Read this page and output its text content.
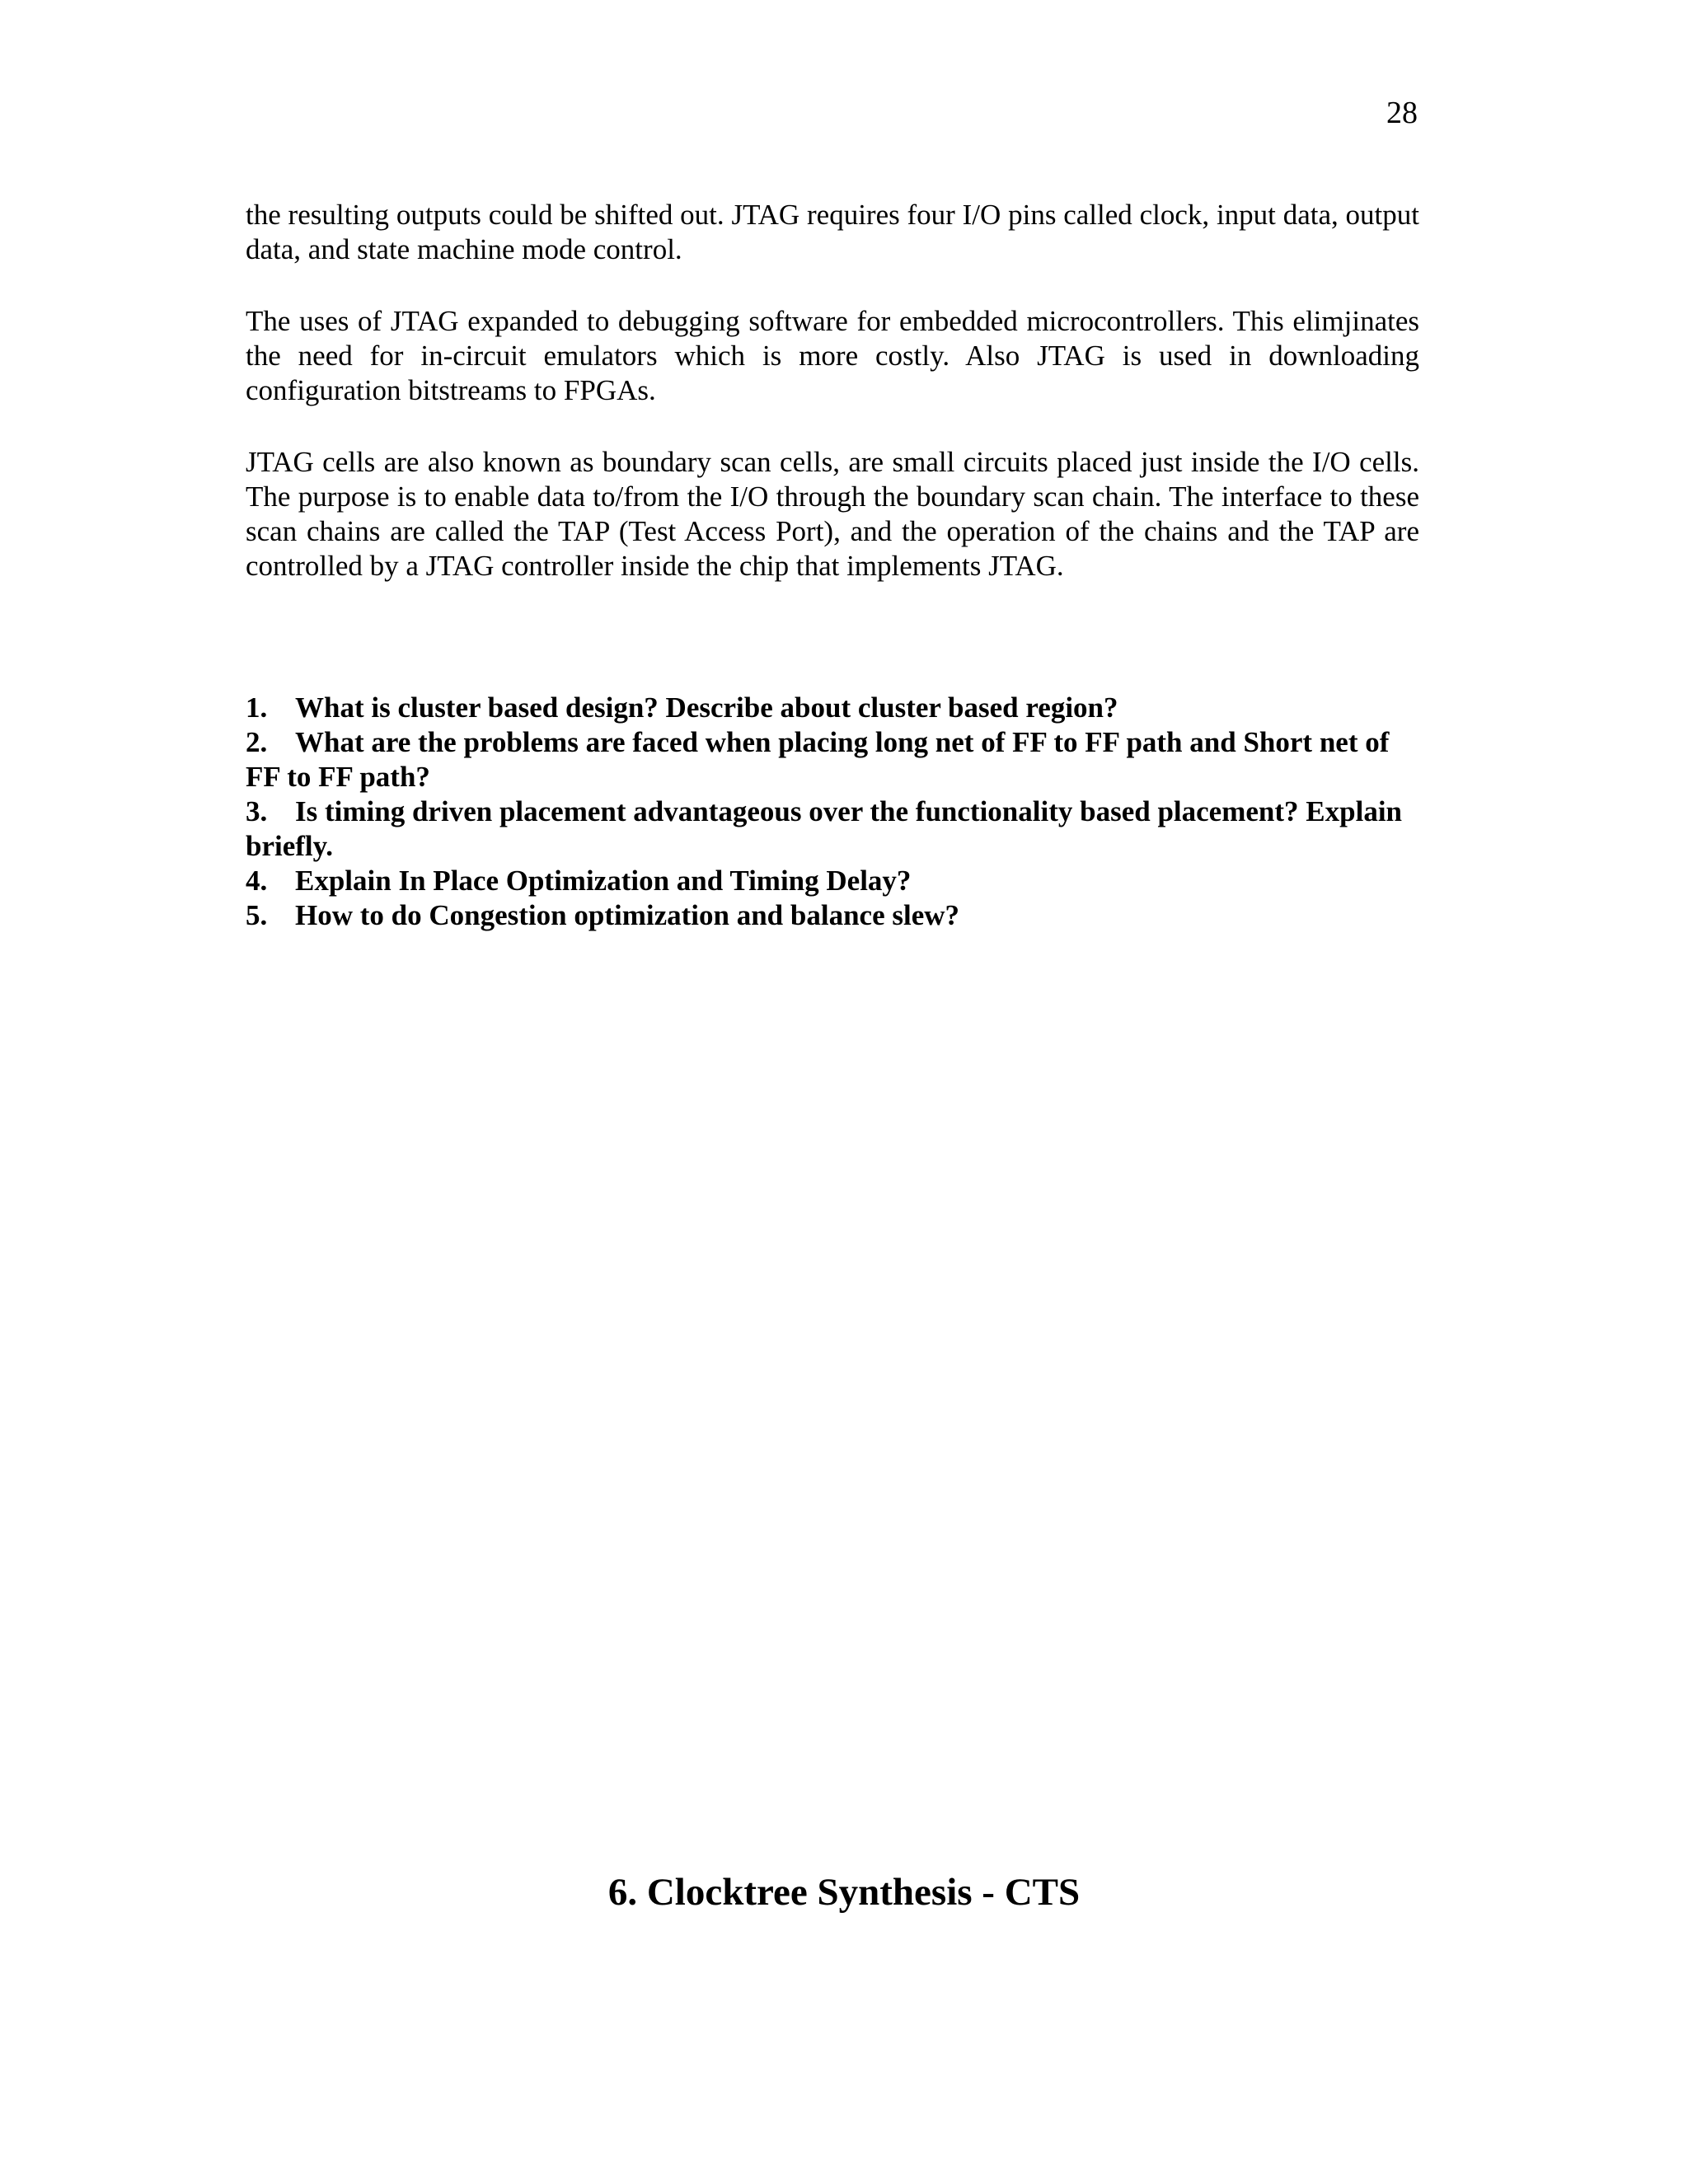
28

the resulting outputs could be shifted out. JTAG requires four I/O pins called clock, input data, output data, and state machine mode control.

The uses of JTAG expanded to debugging software for embedded microcontrollers. This elimjinates the need for in-circuit emulators which is more costly. Also JTAG is used in downloading configuration bitstreams to FPGAs.

JTAG cells are also known as boundary scan cells, are small circuits placed just inside the I/O cells. The purpose is to enable data to/from the I/O through the boundary scan chain. The interface to these scan chains are called the TAP (Test Access Port), and the operation of the chains and the TAP are controlled by a JTAG controller inside the chip that implements JTAG.

1. What is cluster based design? Describe about cluster based region?
2. What are the problems are faced when placing long net of FF to FF path and Short net of FF to FF path?
3. Is timing driven placement advantageous over the functionality based placement? Explain briefly.
4. Explain In Place Optimization and Timing Delay?
5. How to do Congestion optimization and balance slew?
6. Clocktree Synthesis - CTS
